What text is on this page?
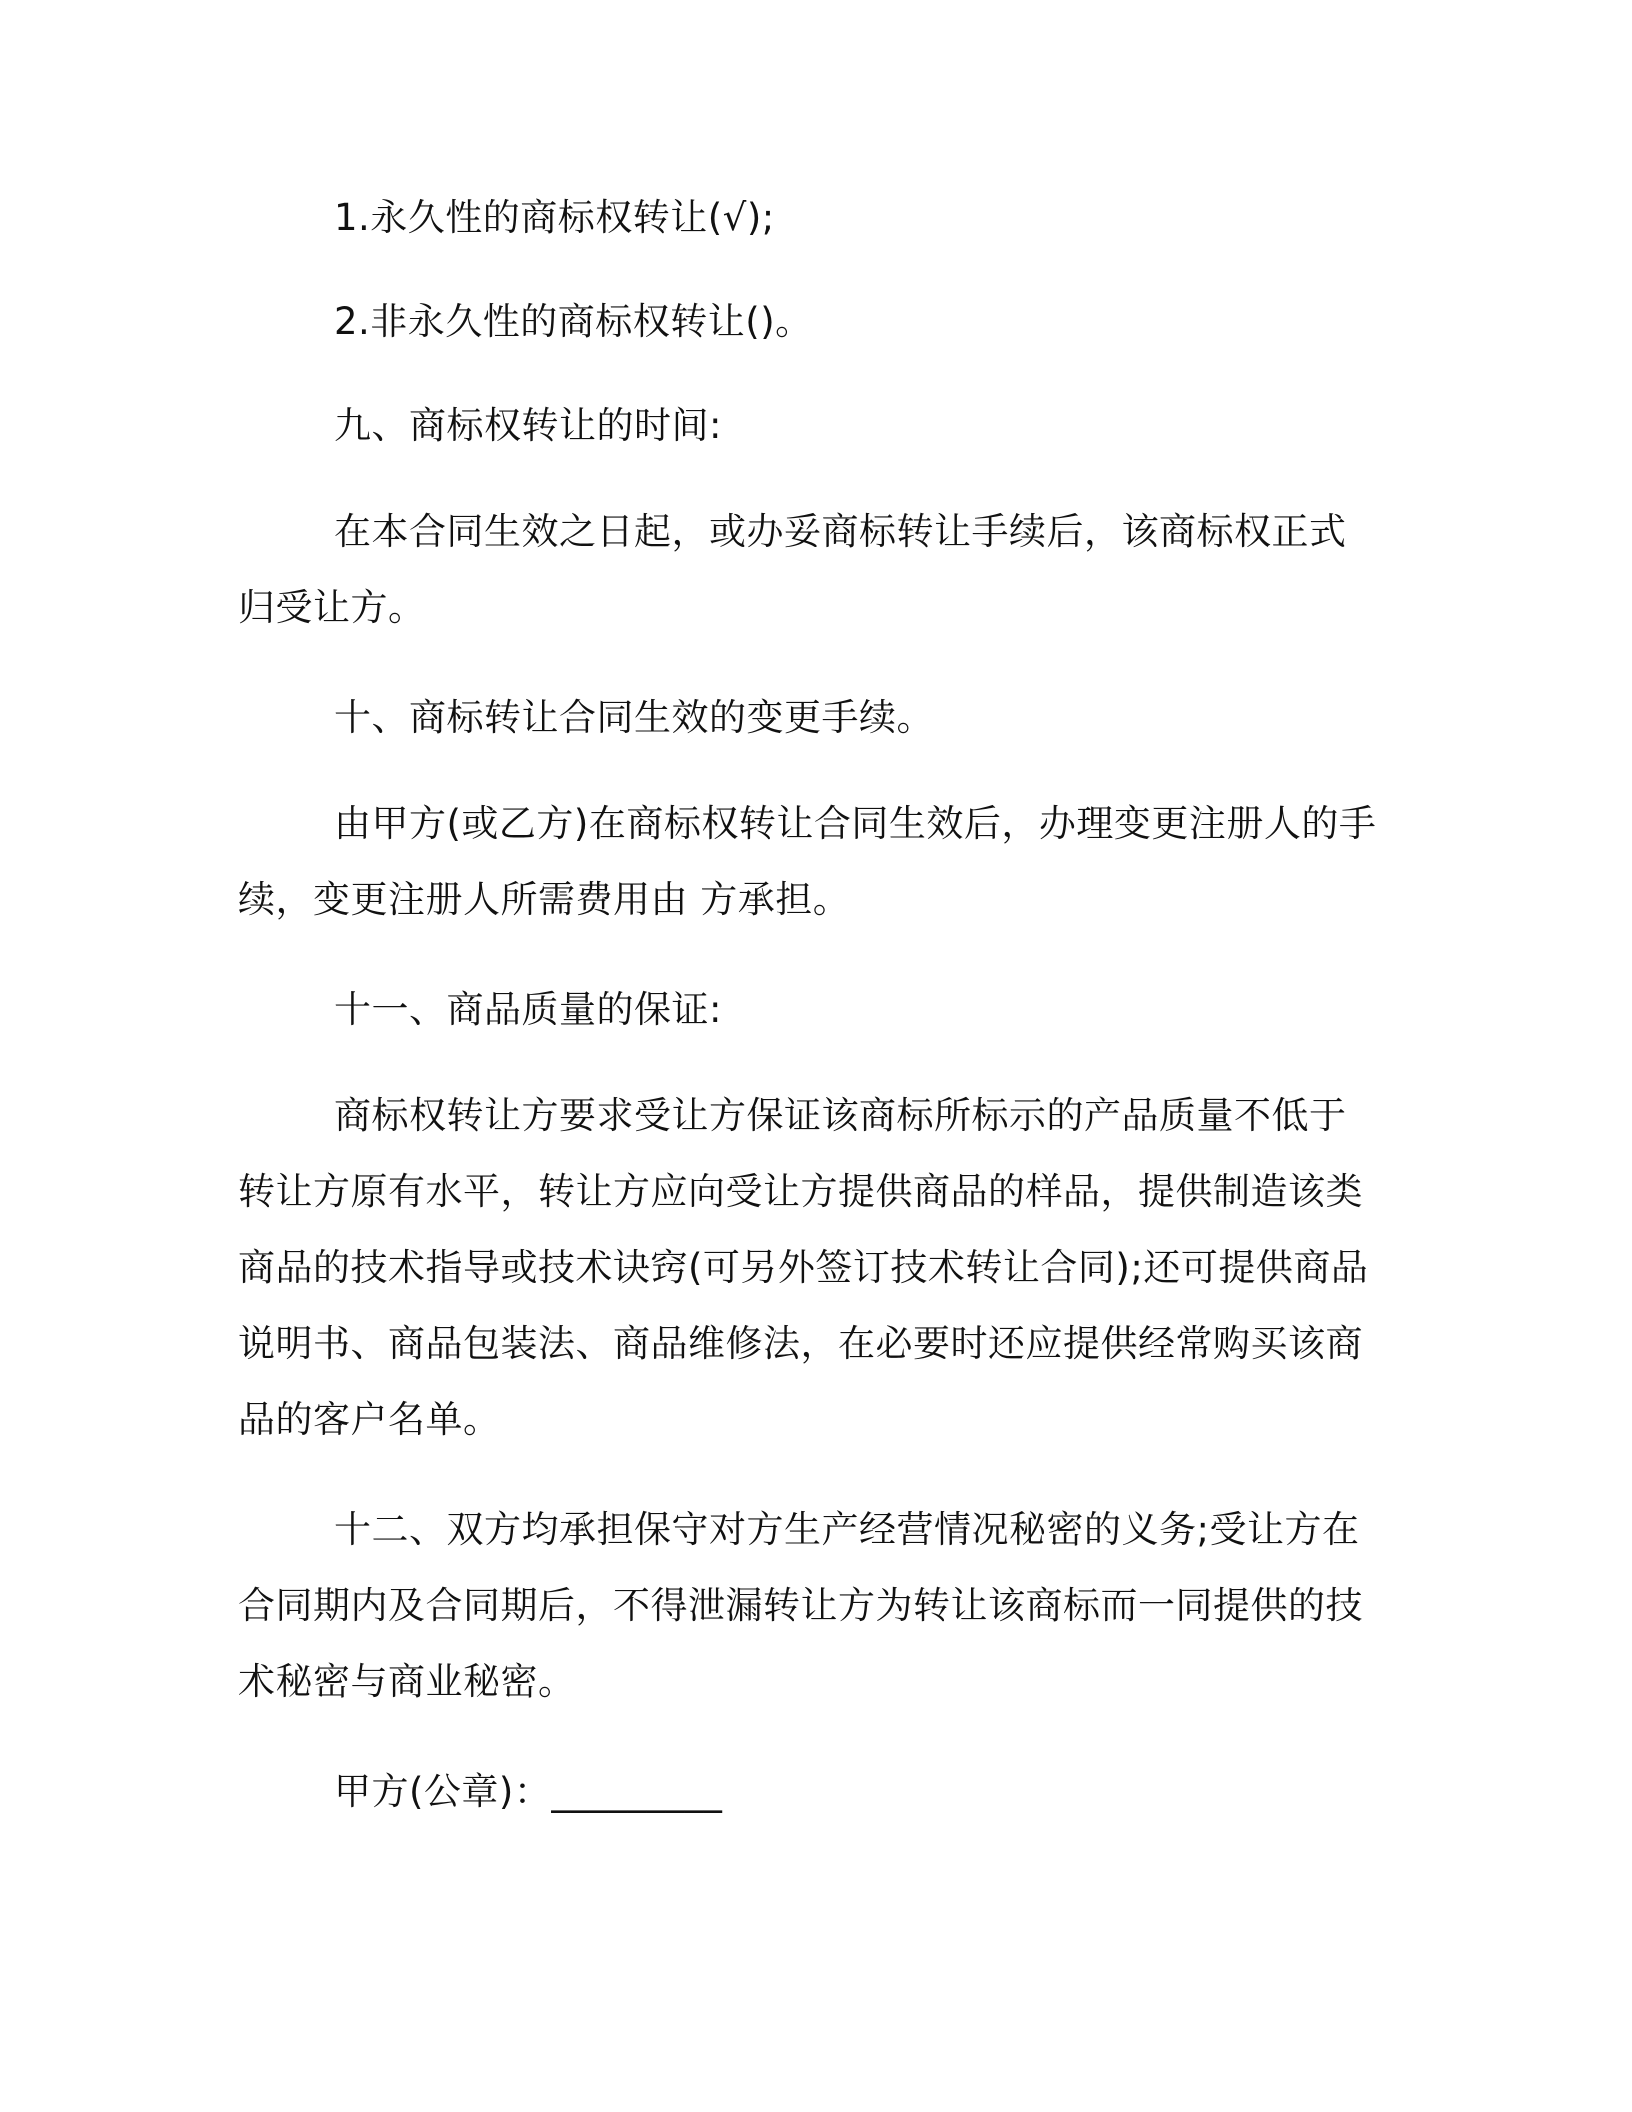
1.永久性的商标权转让(√);

2.非永久性的商标权转让()。

九、商标权转让的时间:

在本合同生效之日起，或办妥商标转让手续后，该商标权正式归受让方。

十、商标转让合同生效的变更手续。

由甲方(或乙方)在商标权转让合同生效后，办理变更注册人的手续，变更注册人所需费用由 方承担。

十一、商品质量的保证:

商标权转让方要求受让方保证该商标所标示的产品质量不低于转让方原有水平，转让方应向受让方提供商品的样品，提供制造该类商品的技术指导或技术诀窍(可另外签订技术转让合同);还可提供商品说明书、商品包装法、商品维修法，在必要时还应提供经常购买该商品的客户名单。

十二、双方均承担保守对方生产经营情况秘密的义务;受让方在合同期内及合同期后，不得泄漏转让方为转让该商标而一同提供的技术秘密与商业秘密。

甲方(公章)：_________
